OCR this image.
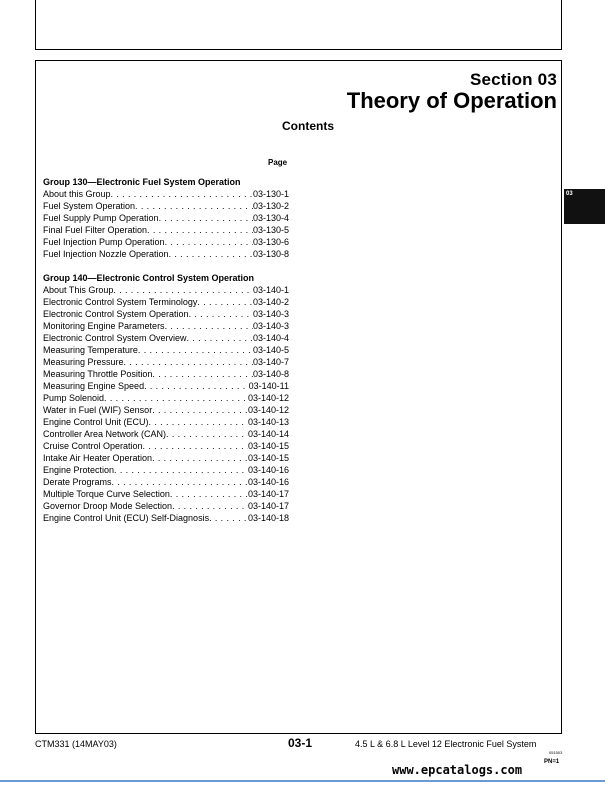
Section 03
Theory of Operation
Contents
Page
Group 130—Electronic Fuel System Operation
About this Group . . .	03-130-1
Fuel System Operation . . .	03-130-2
Fuel Supply Pump Operation . . .	03-130-4
Final Fuel Filter Operation . . .	03-130-5
Fuel Injection Pump Operation . . .	03-130-6
Fuel Injection Nozzle Operation . . .	03-130-8
Group 140—Electronic Control System Operation
About This Group . . .	03-140-1
Electronic Control System Terminology . . .	03-140-2
Electronic Control System Operation . . .	03-140-3
Monitoring Engine Parameters . . .	03-140-3
Electronic Control System Overview . . .	03-140-4
Measuring Temperature . . .	03-140-5
Measuring Pressure . . .	03-140-7
Measuring Throttle Position . . .	03-140-8
Measuring Engine Speed . . .	03-140-11
Pump Solenoid . . .	03-140-12
Water in Fuel (WIF) Sensor . . .	03-140-12
Engine Control Unit (ECU) . . .	03-140-13
Controller Area Network (CAN) . . .	03-140-14
Cruise Control Operation . . .	03-140-15
Intake Air Heater Operation . . .	03-140-15
Engine Protection . . .	03-140-16
Derate Programs . . .	03-140-16
Multiple Torque Curve Selection . . .	03-140-17
Governor Droop Mode Selection . . .	03-140-17
Engine Control Unit (ECU) Self-Diagnosis . . .	03-140-18
03
CTM331 (14MAY03)	03-1	4.5 L & 6.8 L Level 12 Electronic Fuel System
051503
PN=1
www.epcatalogs.com
